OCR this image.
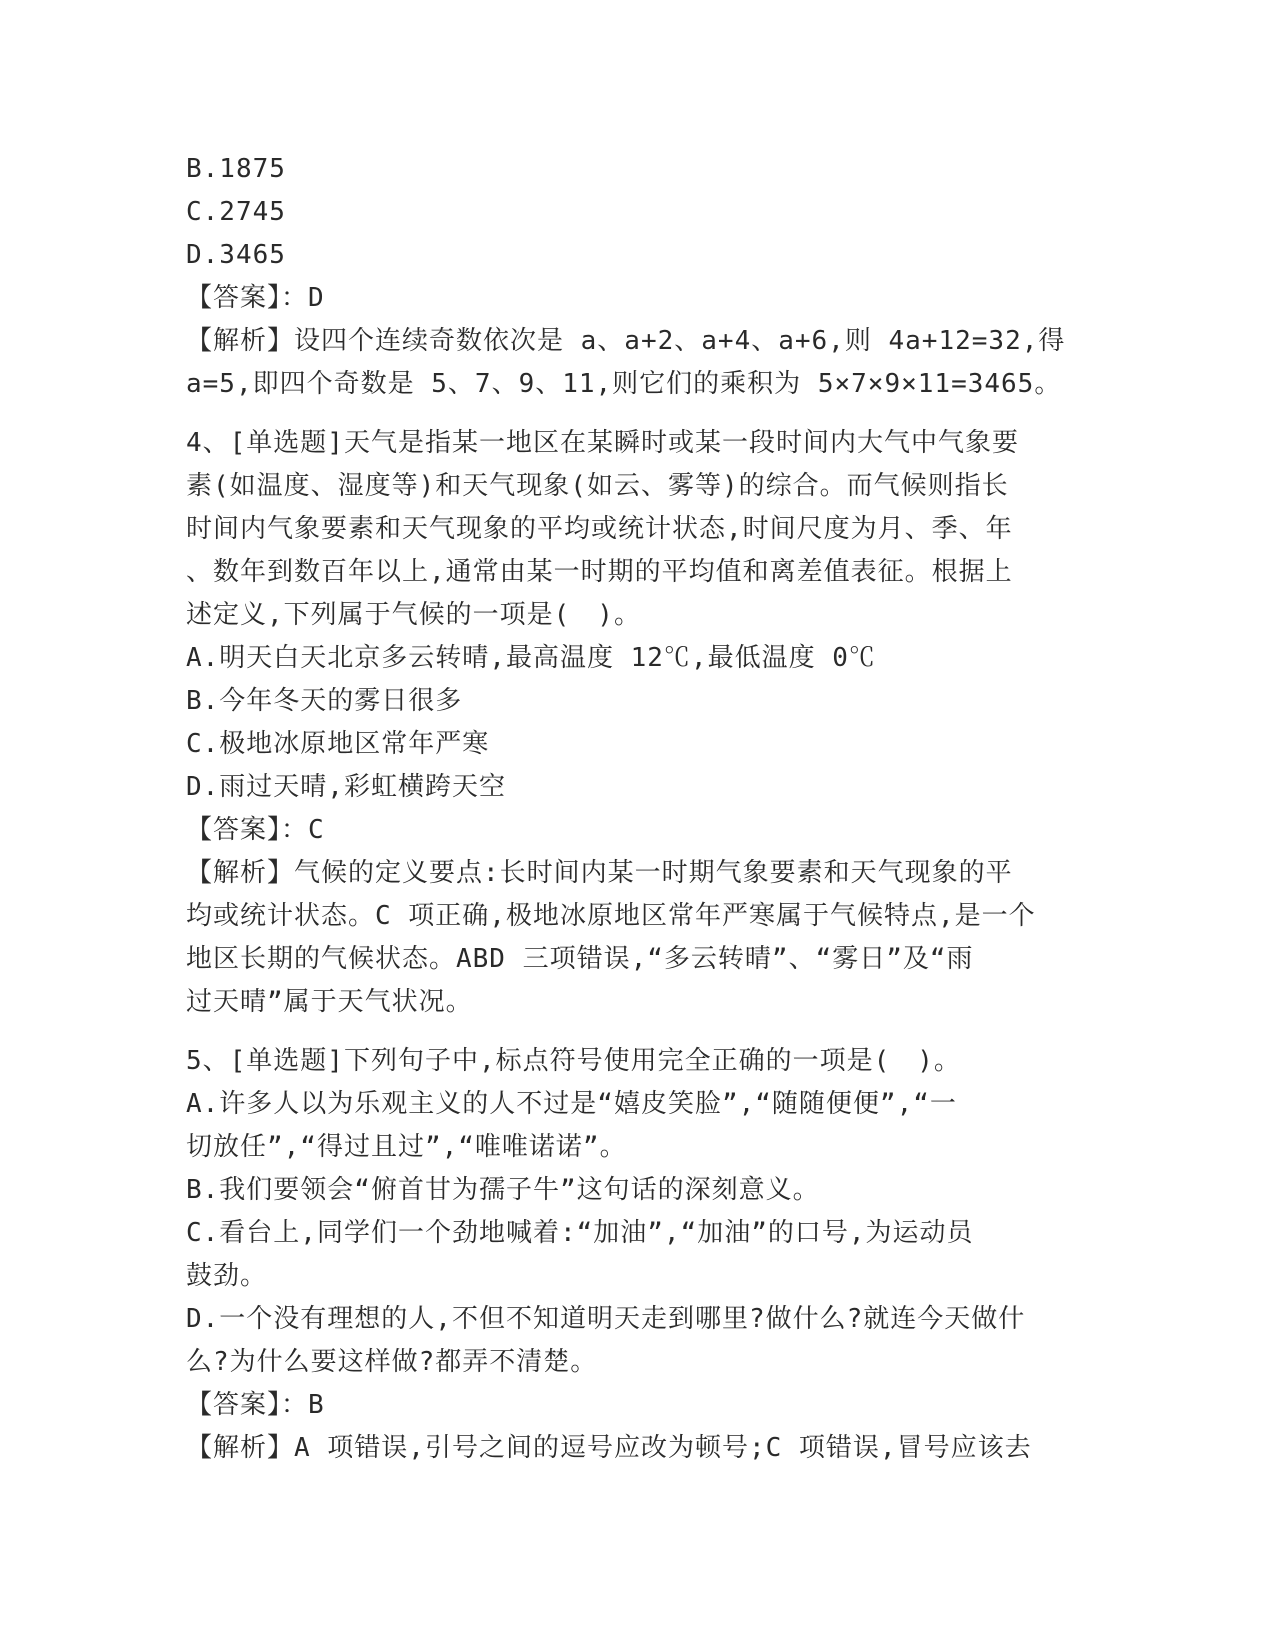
B.1875
C.2745
D.3465
【答案】：D
【解析】设四个连续奇数依次是 a、a+2、a+4、a+6,则 4a+12=32,得
a=5,即四个奇数是 5、7、9、11,则它们的乘积为 5×7×9×11=3465。
4、[单选题]天气是指某一地区在某瞬时或某一段时间内大气中气象要
素(如温度、湿度等)和天气现象(如云、雾等)的综合。而气候则指长
时间内气象要素和天气现象的平均或统计状态,时间尺度为月、季、年
、数年到数百年以上,通常由某一时期的平均值和离差值表征。根据上
述定义,下列属于气候的一项是(　)。
A.明天白天北京多云转晴,最高温度 12℃,最低温度 0℃
B.今年冬天的雾日很多
C.极地冰原地区常年严寒
D.雨过天晴,彩虹横跨天空
【答案】：C
【解析】气候的定义要点:长时间内某一时期气象要素和天气现象的平
均或统计状态。C 项正确,极地冰原地区常年严寒属于气候特点,是一个
地区长期的气候状态。ABD 三项错误,“多云转晴”、“雾日”及“雨
过天晴”属于天气状况。
5、[单选题]下列句子中,标点符号使用完全正确的一项是(　)。
A.许多人以为乐观主义的人不过是“嬉皮笑脸”,“随随便便”,“一
切放任”,“得过且过”,“唯唯诺诺”。
B.我们要领会“俯首甘为孺子牛”这句话的深刻意义。
C.看台上,同学们一个劲地喊着:“加油”,“加油”的口号,为运动员
鼓劲。
D.一个没有理想的人,不但不知道明天走到哪里?做什么?就连今天做什
么?为什么要这样做?都弄不清楚。
【答案】：B
【解析】A 项错误,引号之间的逗号应改为顿号;C 项错误,冒号应该去
